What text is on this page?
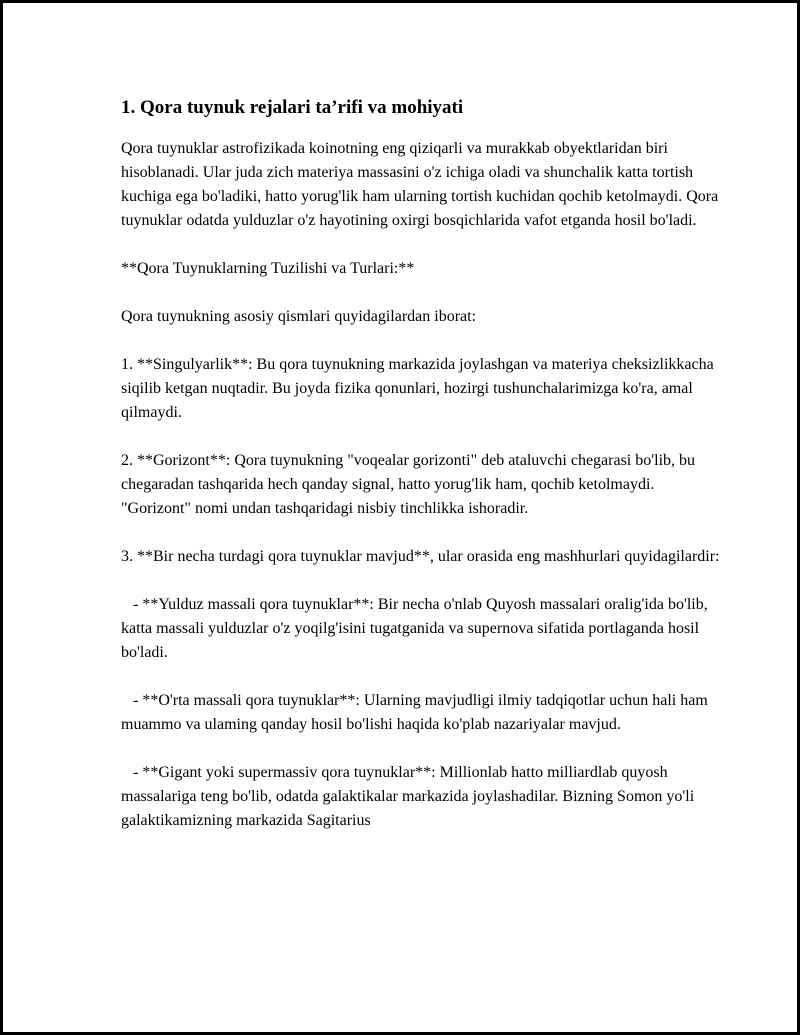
1. Qora tuynuk rejalari ta’rifi va mohiyati

Qora tuynuklar astrofizikada koinotning eng qiziqarli va murakkab obyektlaridan biri hisoblanadi. Ular juda zich materiya massasini o'z ichiga oladi va shunchalik katta tortish kuchiga ega bo'ladiki, hatto yorug'lik ham ularning tortish kuchidan qochib ketolmaydi. Qora tuynuklar odatda yulduzlar o'z hayotining oxirgi bosqichlarida vafot etganda hosil bo'ladi.

**Qora Tuynuklarning Tuzilishi va Turlari:**

Qora tuynukning asosiy qismlari quyidagilardan iborat:

1. **Singulyarlik**: Bu qora tuynukning markazida joylashgan va materiya cheksizlikkacha siqilib ketgan nuqtadir. Bu joyda fizika qonunlari, hozirgi tushunchalarimizga ko'ra, amal qilmaydi.

2. **Gorizont**: Qora tuynukning "voqealar gorizonti" deb ataluvchi chegarasi bo'lib, bu chegaradan tashqarida hech qanday signal, hatto yorug'lik ham, qochib ketolmaydi. "Gorizont" nomi undan tashqaridagi nisbiy tinchlikka ishoradir.

3. **Bir necha turdagi qora tuynuklar mavjud**, ular orasida eng mashhurlari quyidagilardir:

- **Yulduz massali qora tuynuklar**: Bir necha o'nlab Quyosh massalari oralig'ida bo'lib, katta massali yulduzlar o'z yoqilg'isini tugatganida va supernova sifatida portlaganda hosil bo'ladi.

- **O'rta massali qora tuynuklar**: Ularning mavjudligi ilmiy tadqiqotlar uchun hali ham muammo va ulaming qanday hosil bo'lishi haqida ko'plab nazariyalar mavjud.

- **Gigant yoki supermassiv qora tuynuklar**: Millionlab hatto milliardlab quyosh massalariga teng bo'lib, odatda galaktikalar markazida joylashadilar. Bizning Somon yo'li galaktikamizning markazida Sagitarius
